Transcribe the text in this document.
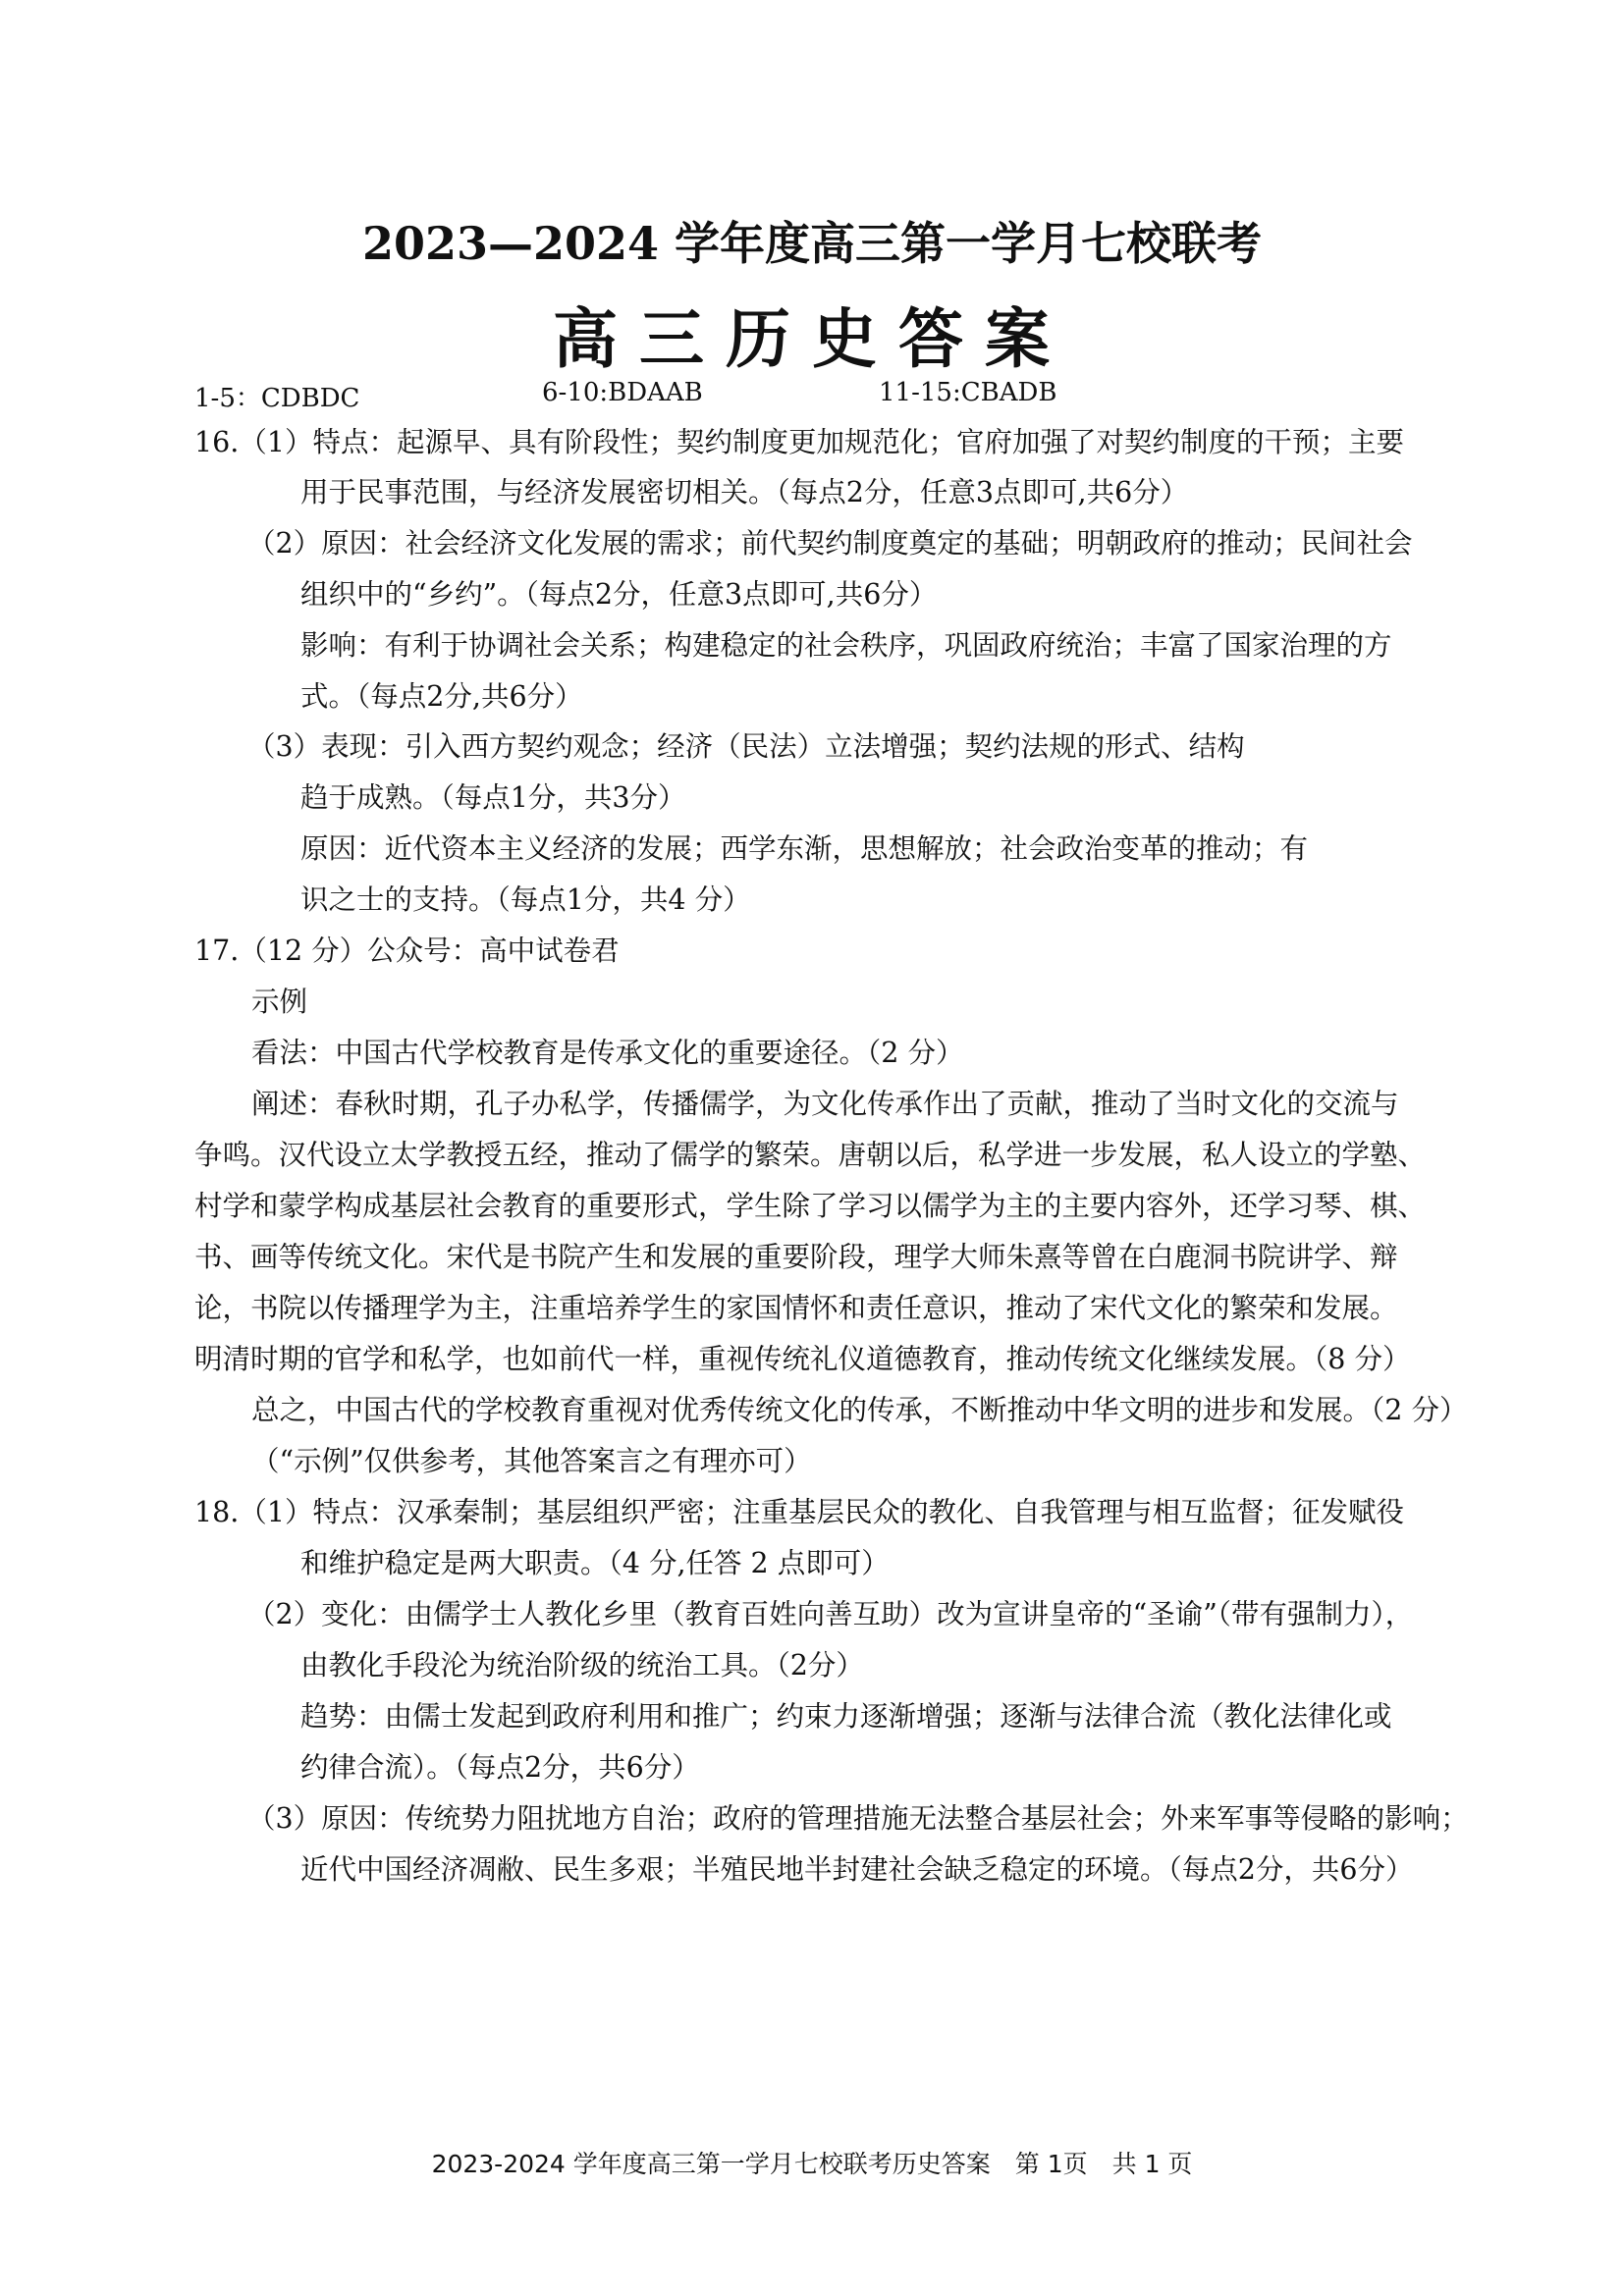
2023—2024 学年度高三第一学月七校联考
高三历史答案
1-5：CDBDC	6-10:BDAAB	11-15:CBADB
16.（1）特点：起源早、具有阶段性；契约制度更加规范化；官府加强了对契约制度的干预；主要
用于民事范围，与经济发展密切相关。（每点2分，任意3点即可,共6分）
（2）原因：社会经济文化发展的需求；前代契约制度奠定的基础；明朝政府的推动；民间社会
组织中的“乡约”。（每点2分，任意3点即可,共6分）
影响：有利于协调社会关系；构建稳定的社会秩序，巩固政府统治；丰富了国家治理的方
式。（每点2分,共6分）
（3）表现：引入西方契约观念；经济（民法）立法增强；契约法规的形式、结构
趋于成熟。（每点1分，共3分）
原因：近代资本主义经济的发展；西学东渐，思想解放；社会政治变革的推动；有
识之士的支持。（每点1分，共4 分）
17.（12 分）公众号：高中试卷君
示例
看法：中国古代学校教育是传承文化的重要途径。（2 分）
阐述：春秋时期，孔子办私学，传播儒学，为文化传承作出了贡献，推动了当时文化的交流与
争鸣。汉代设立太学教授五经，推动了儒学的繁荣。唐朝以后，私学进一步发展，私人设立的学塾、
村学和蒙学构成基层社会教育的重要形式，学生除了学习以儒学为主的主要内容外，还学习琴、棋、
书、画等传统文化。宋代是书院产生和发展的重要阶段，理学大师朱熹等曾在白鹿洞书院讲学、辩
论，书院以传播理学为主，注重培养学生的家国情怀和责任意识，推动了宋代文化的繁荣和发展。
明清时期的官学和私学，也如前代一样，重视传统礼仪道德教育，推动传统文化继续发展。（8 分）
总之，中国古代的学校教育重视对优秀传统文化的传承，不断推动中华文明的进步和发展。（2 分）
（“示例”仅供参考，其他答案言之有理亦可）
18.（1）特点：汉承秦制；基层组织严密；注重基层民众的教化、自我管理与相互监督；征发赋役
和维护稳定是两大职责。（4 分,任答 2 点即可）
（2）变化：由儒学士人教化乡里（教育百姓向善互助）改为宣讲皇帝的“圣谕”（带有强制力），
由教化手段沦为统治阶级的统治工具。（2分）
趋势：由儒士发起到政府利用和推广；约束力逐渐增强；逐渐与法律合流（教化法律化或
约律合流）。（每点2分，共6分）
（3）原因：传统势力阻扰地方自治；政府的管理措施无法整合基层社会；外来军事等侵略的影响；
近代中国经济凋敝、民生多艰；半殖民地半封建社会缺乏稳定的环境。（每点2分，共6分）
2023-2024 学年度高三第一学月七校联考历史答案　第 1页　共 1 页
